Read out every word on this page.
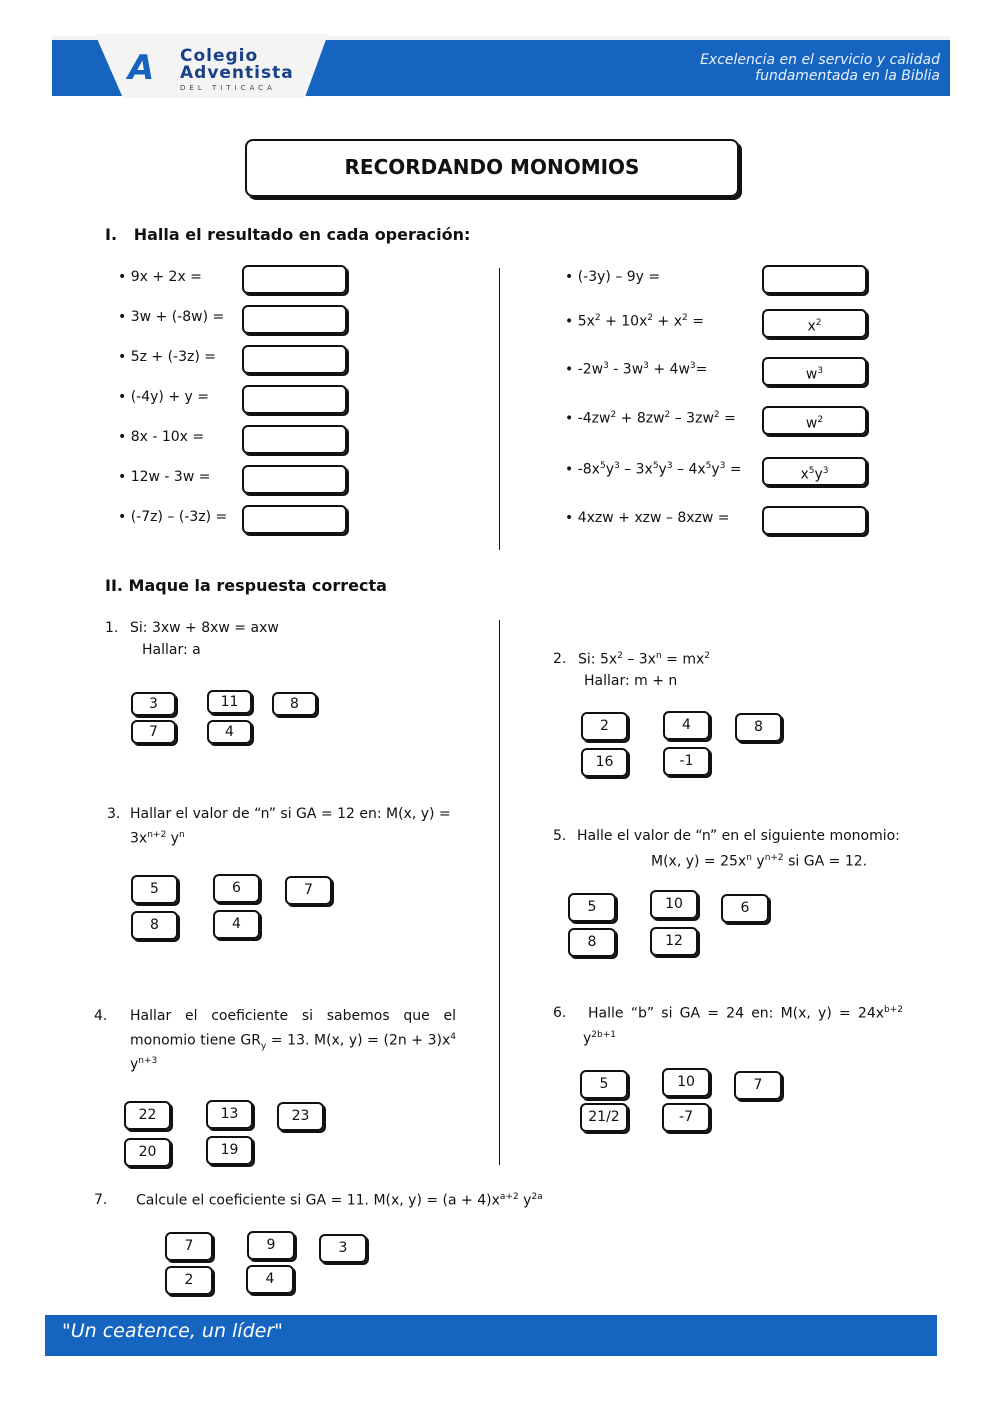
A Colegio
Adventista
DEL TITICACA
Excelencia en el servicio y calidad
fundamentada en la Biblia
RECORDANDO MONOMIOS
I.   Halla el resultado en cada operación:
II. Maque la respuesta correcta
"Un ceatence, un líder"
• 9x + 2x =
• 3w + (-8w) =
• 5z + (-3z) =
• (-4y) + y =
• 8x - 10x =
• 12w - 3w =
• (-7z) – (-3z) =
• (-3y) – 9y =
• $5x^2 + 10x^2 + x^2$ =	$x^2$
• $-2w^3 - 3w^3 + 4w^3=$	$w^3$
• $-4zw^2 + 8zw^2 - 3zw^2$ =	$w^2$
• $-8x^5y^3 - 3x^5y^3 - 4x^5y^3$ =	$x^5y^3$
• 4xzw + xzw – 8xzw =
1. Si: 3xw + 8xw = axw
Hallar: a
3	11	8
7	4
2. Si: $5x^2 - 3x^n = mx^2$
Hallar: m + n
2	4	8
16	-1
3. Hallar el valor de “n” si GA = 12 en: M(x, y) =
$3x^{n+2}$ $y^n$
5	6	7
8	4
5. Halle el valor de “n” en el siguiente monomio:
M(x, $y) = 25x^n$ $y^{n+2}$ si GA = 12.
5	10	6
8	12
4. Hallar el coeficiente si sabemos que el
monomio tiene $GR_y = 13$. M(x, $y) = (2n + 3)x^4$
$y^{n+3}$
22	13	23
20	19
6. Halle “b” si GA = 24 en: M(x, $y) = 24x^{b+2}$
$y^{2b+1}$
5	10	7
21/2	-7
7. Calcule el coeficiente si GA = 11. M(x, $y) = (a + 4)x^{a+2}$ $y^{2a}$
7	9	3
2	4
